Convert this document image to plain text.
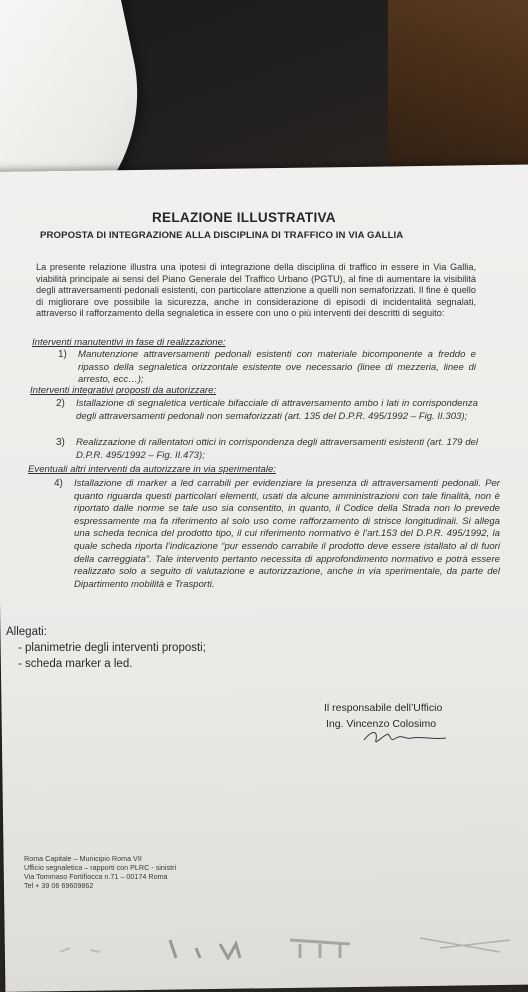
RELAZIONE ILLUSTRATIVA
PROPOSTA DI INTEGRAZIONE ALLA DISCIPLINA DI TRAFFICO IN VIA GALLIA
La presente relazione illustra una ipotesi di integrazione della disciplina di traffico in essere in Via Gallia, viabilità principale ai sensi del Piano Generale del Traffico Urbano (PGTU), al fine di aumentare la visibilità degli attraversamenti pedonali esistenti, con particolare attenzione a quelli non semaforizzati. Il fine è quello di migliorare ove possibile la sicurezza, anche in considerazione di episodi di incidentalità segnalati, attraverso il rafforzamento della segnaletica in essere con uno o più interventi dei descritti di seguito:
Interventi manutentivi in fase di realizzazione:
1) Manutenzione attraversamenti pedonali esistenti con materiale bicomponente a freddo e ripasso della segnaletica orizzontale esistente ove necessario (linee di mezzeria, linee di arresto, ecc…);
Interventi integrativi proposti da autorizzare:
2) Istallazione di segnaletica verticale bifacciale di attraversamento ambo i lati in corrispondenza degli attraversamenti pedonali non semaforizzati (art. 135 del D.P.R. 495/1992 – Fig. II.303);
3) Realizzazione di rallentatori ottici in corrispondenza degli attraversamenti esistenti (art. 179 del D.P.R. 495/1992 – Fig. II.473);
Eventuali altri interventi da autorizzare in via sperimentale:
4) Istallazione di marker a led carrabili per evidenziare la presenza di attraversamenti pedonali. Per quanto riguarda questi particolari elementi, usati da alcune amministrazioni con tale finalità, non è riportato dalle norme se tale uso sia consentito, in quanto, il Codice della Strada non lo prevede espressamente ma fa riferimento al solo uso come rafforzamento di strisce longitudinali. Si allega una scheda tecnica del prodotto tipo, il cui riferimento normativo è l’art.153 del D.P.R. 495/1992, la quale scheda riporta l’indicazione “pur essendo carrabile il prodotto deve essere istallato al di fuori della carreggiata”. Tale intervento pertanto necessita di approfondimento normativo e potrà essere realizzato solo a seguito di valutazione e autorizzazione, anche in via sperimentale, da parte del Dipartimento mobilità e Trasporti.
Allegati:
- planimetrie degli interventi proposti;
- scheda marker a led.
Il responsabile dell’Ufficio
Ing. Vincenzo Colosimo
Roma Capitale – Municipio Roma VII
Ufficio segnaletica – rapporti con PLRC - sinistri
Via Tommaso Fortifiocca n.71 – 00174 Roma
Tel + 39 06 69609862
